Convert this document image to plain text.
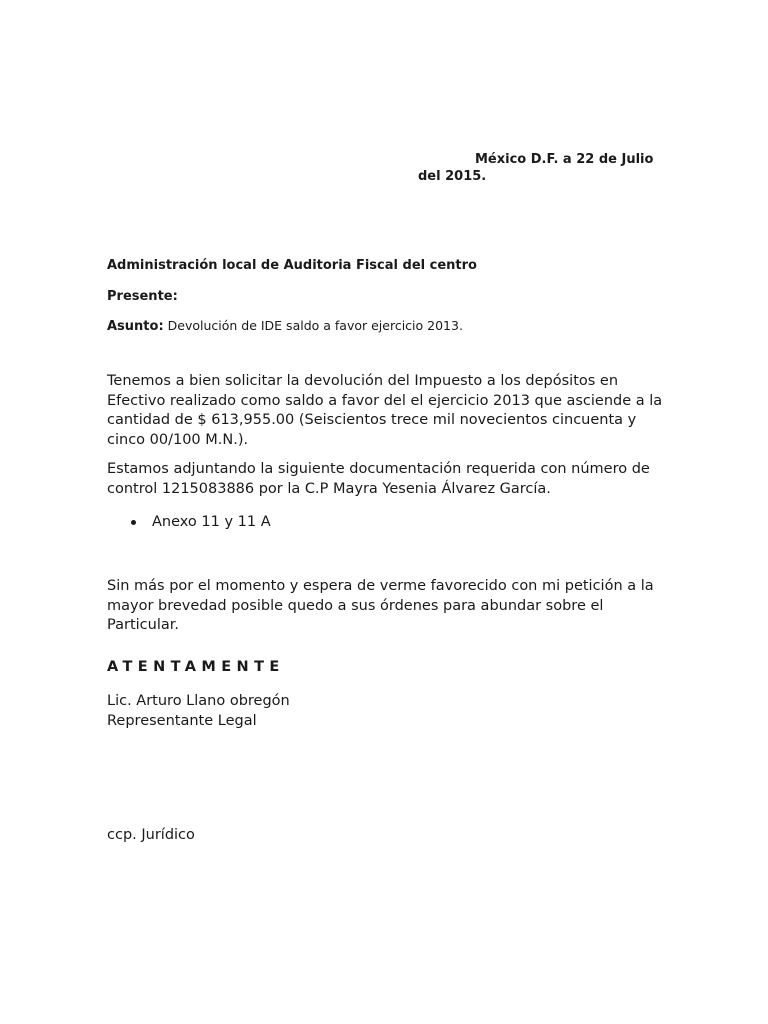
México D.F. a 22 de Julio
del 2015.
Administración local de Auditoria Fiscal del centro
Presente:
Asunto: Devolución de IDE saldo a favor ejercicio 2013.
Tenemos a bien solicitar la devolución del Impuesto a los depósitos en Efectivo realizado como saldo a favor del el ejercicio 2013 que asciende a la cantidad de $ 613,955.00 (Seiscientos trece mil novecientos cincuenta y cinco 00/100 M.N.).
Estamos adjuntando la siguiente documentación requerida con número de control 1215083886 por la C.P Mayra Yesenia Álvarez García.
Anexo 11 y 11 A
Sin más por el momento y espera de verme favorecido con mi petición a la mayor brevedad posible quedo a sus órdenes para abundar sobre el Particular.
ATENTAMENTE
Lic. Arturo Llano obregón
Representante Legal
ccp. Jurídico
